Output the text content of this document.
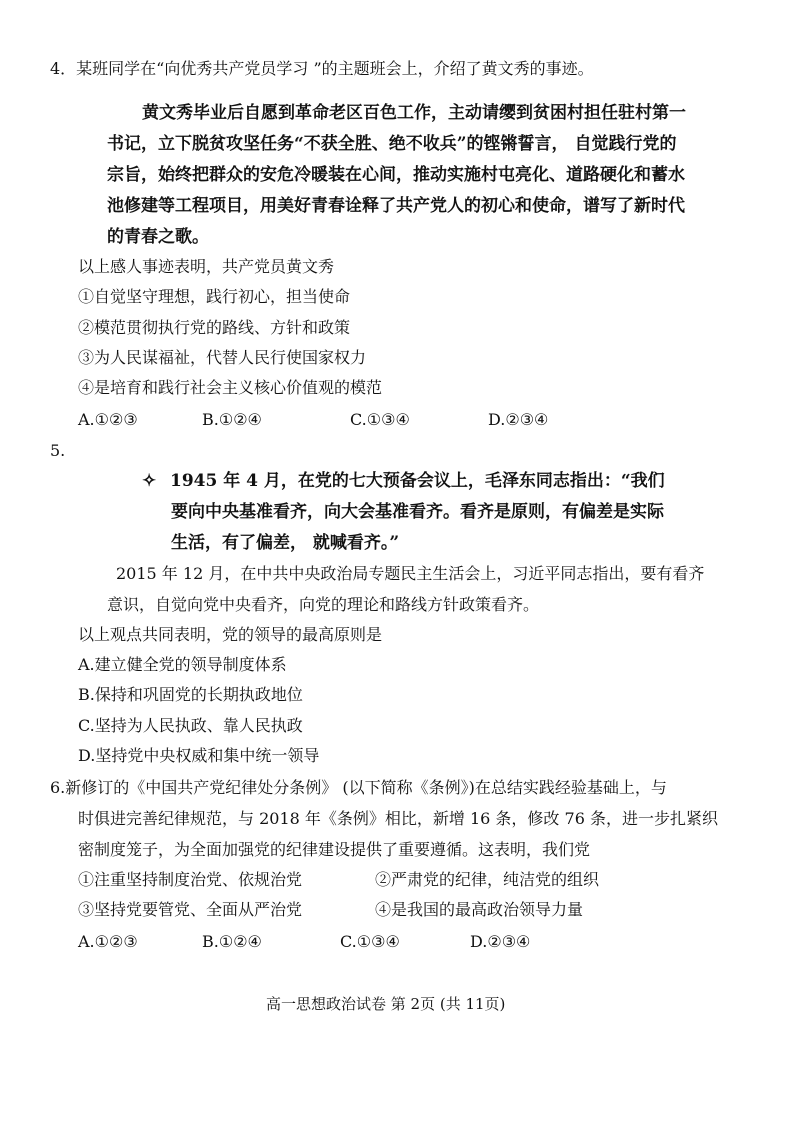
4．某班同学在“向优秀共产党员学习 ”的主题班会上，介绍了黄文秀的事迹。
黄文秀毕业后自愿到革命老区百色工作，主动请缨到贫困村担任驻村第一
书记，立下脱贫攻坚任务“不获全胜、绝不收兵”的铿锵誓言， 自觉践行党的
宗旨，始终把群众的安危冷暖装在心间，推动实施村屯亮化、道路硬化和蓄水
池修建等工程项目，用美好青春诠释了共产党人的初心和使命，谱写了新时代
的青春之歌。
以上感人事迹表明，共产党员黄文秀
①自觉坚守理想，践行初心，担当使命
②模范贯彻执行党的路线、方针和政策
③为人民谋福祉，代替人民行使国家权力
④是培育和践行社会主义核心价值观的模范
A.①②③	B.①②④	C.①③④	D.②③④
5.
✧ 1945 年 4 月，在党的七大预备会议上，毛泽东同志指出：“我们
要向中央基准看齐，向大会基准看齐。看齐是原则，有偏差是实际
生活，有了偏差， 就喊看齐。”
2015 年 12 月，在中共中央政治局专题民主生活会上，习近平同志指出，要有看齐
意识，自觉向党中央看齐，向党的理论和路线方针政策看齐。
以上观点共同表明，党的领导的最高原则是
A.建立健全党的领导制度体系
B.保持和巩固党的长期执政地位
C.坚持为人民执政、靠人民执政
D.坚持党中央权威和集中统一领导
6.新修订的《中国共产党纪律处分条例》 (以下简称《条例》)在总结实践经验基础上，与
时俱进完善纪律规范，与 2018 年《条例》相比，新增 16 条，修改 76 条，进一步扎紧织
密制度笼子，为全面加强党的纪律建设提供了重要遵循。这表明，我们党
①注重坚持制度治党、依规治党	②严肃党的纪律，纯洁党的组织
③坚持党要管党、全面从严治党	④是我国的最高政治领导力量
A.①②③	B.①②④	C.①③④	D.②③④
高一思想政治试卷 第 2页 (共 11页)
